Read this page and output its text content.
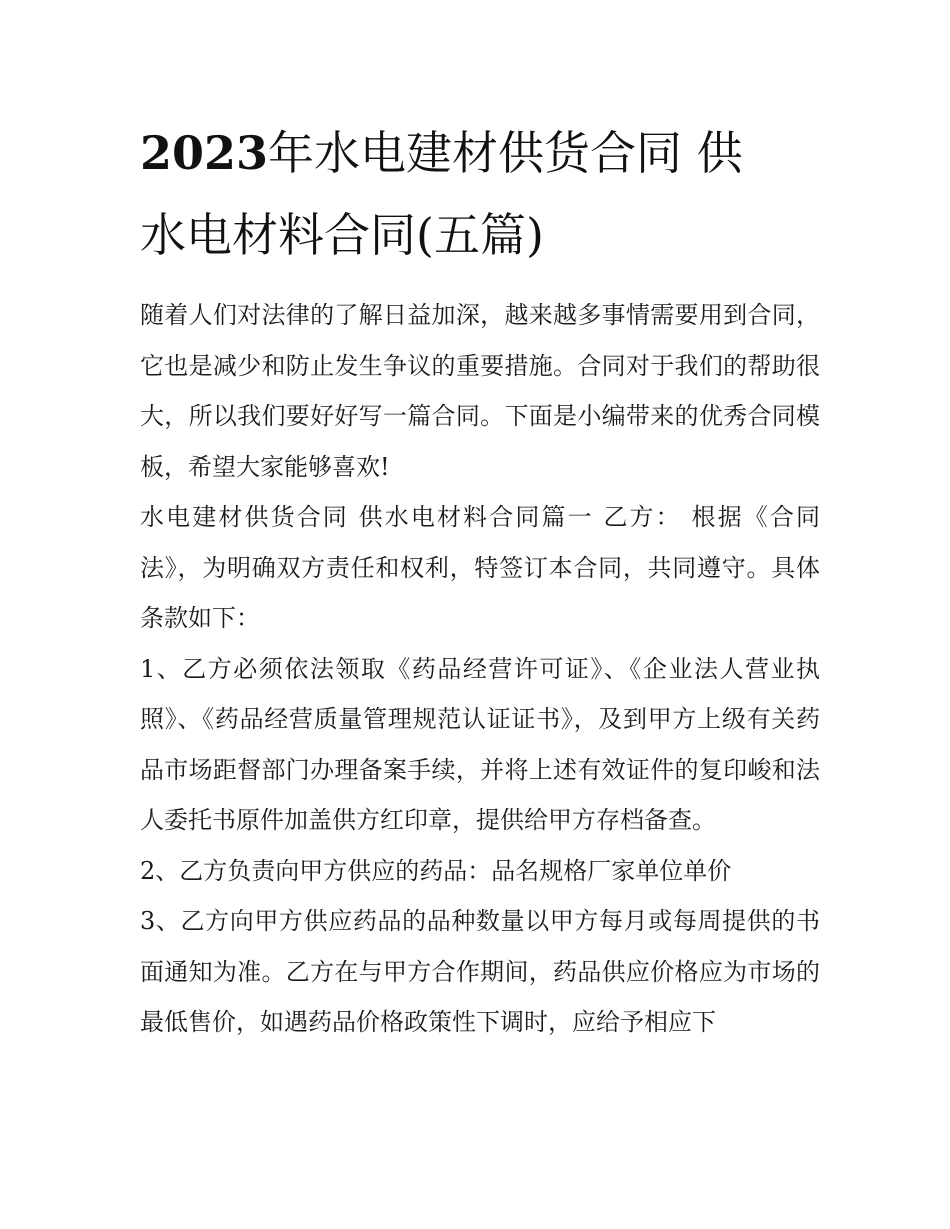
2023年水电建材供货合同 供水电材料合同(五篇)

随着人们对法律的了解日益加深，越来越多事情需要用到合同，它也是减少和防止发生争议的重要措施。合同对于我们的帮助很大，所以我们要好好写一篇合同。下面是小编带来的优秀合同模板，希望大家能够喜欢!

水电建材供货合同 供水电材料合同篇一 乙方： 根据《合同法》，为明确双方责任和权利，特签订本合同，共同遵守。具体条款如下：

1、乙方必须依法领取《药品经营许可证》、《企业法人营业执照》、《药品经营质量管理规范认证证书》，及到甲方上级有关药品市场距督部门办理备案手续，并将上述有效证件的复印峻和法人委托书原件加盖供方红印章，提供给甲方存档备查。

2、乙方负责向甲方供应的药品：品名规格厂家单位单价

3、乙方向甲方供应药品的品种数量以甲方每月或每周提供的书面通知为准。乙方在与甲方合作期间，药品供应价格应为市场的最低售价，如遇药品价格政策性下调时，应给予相应下
